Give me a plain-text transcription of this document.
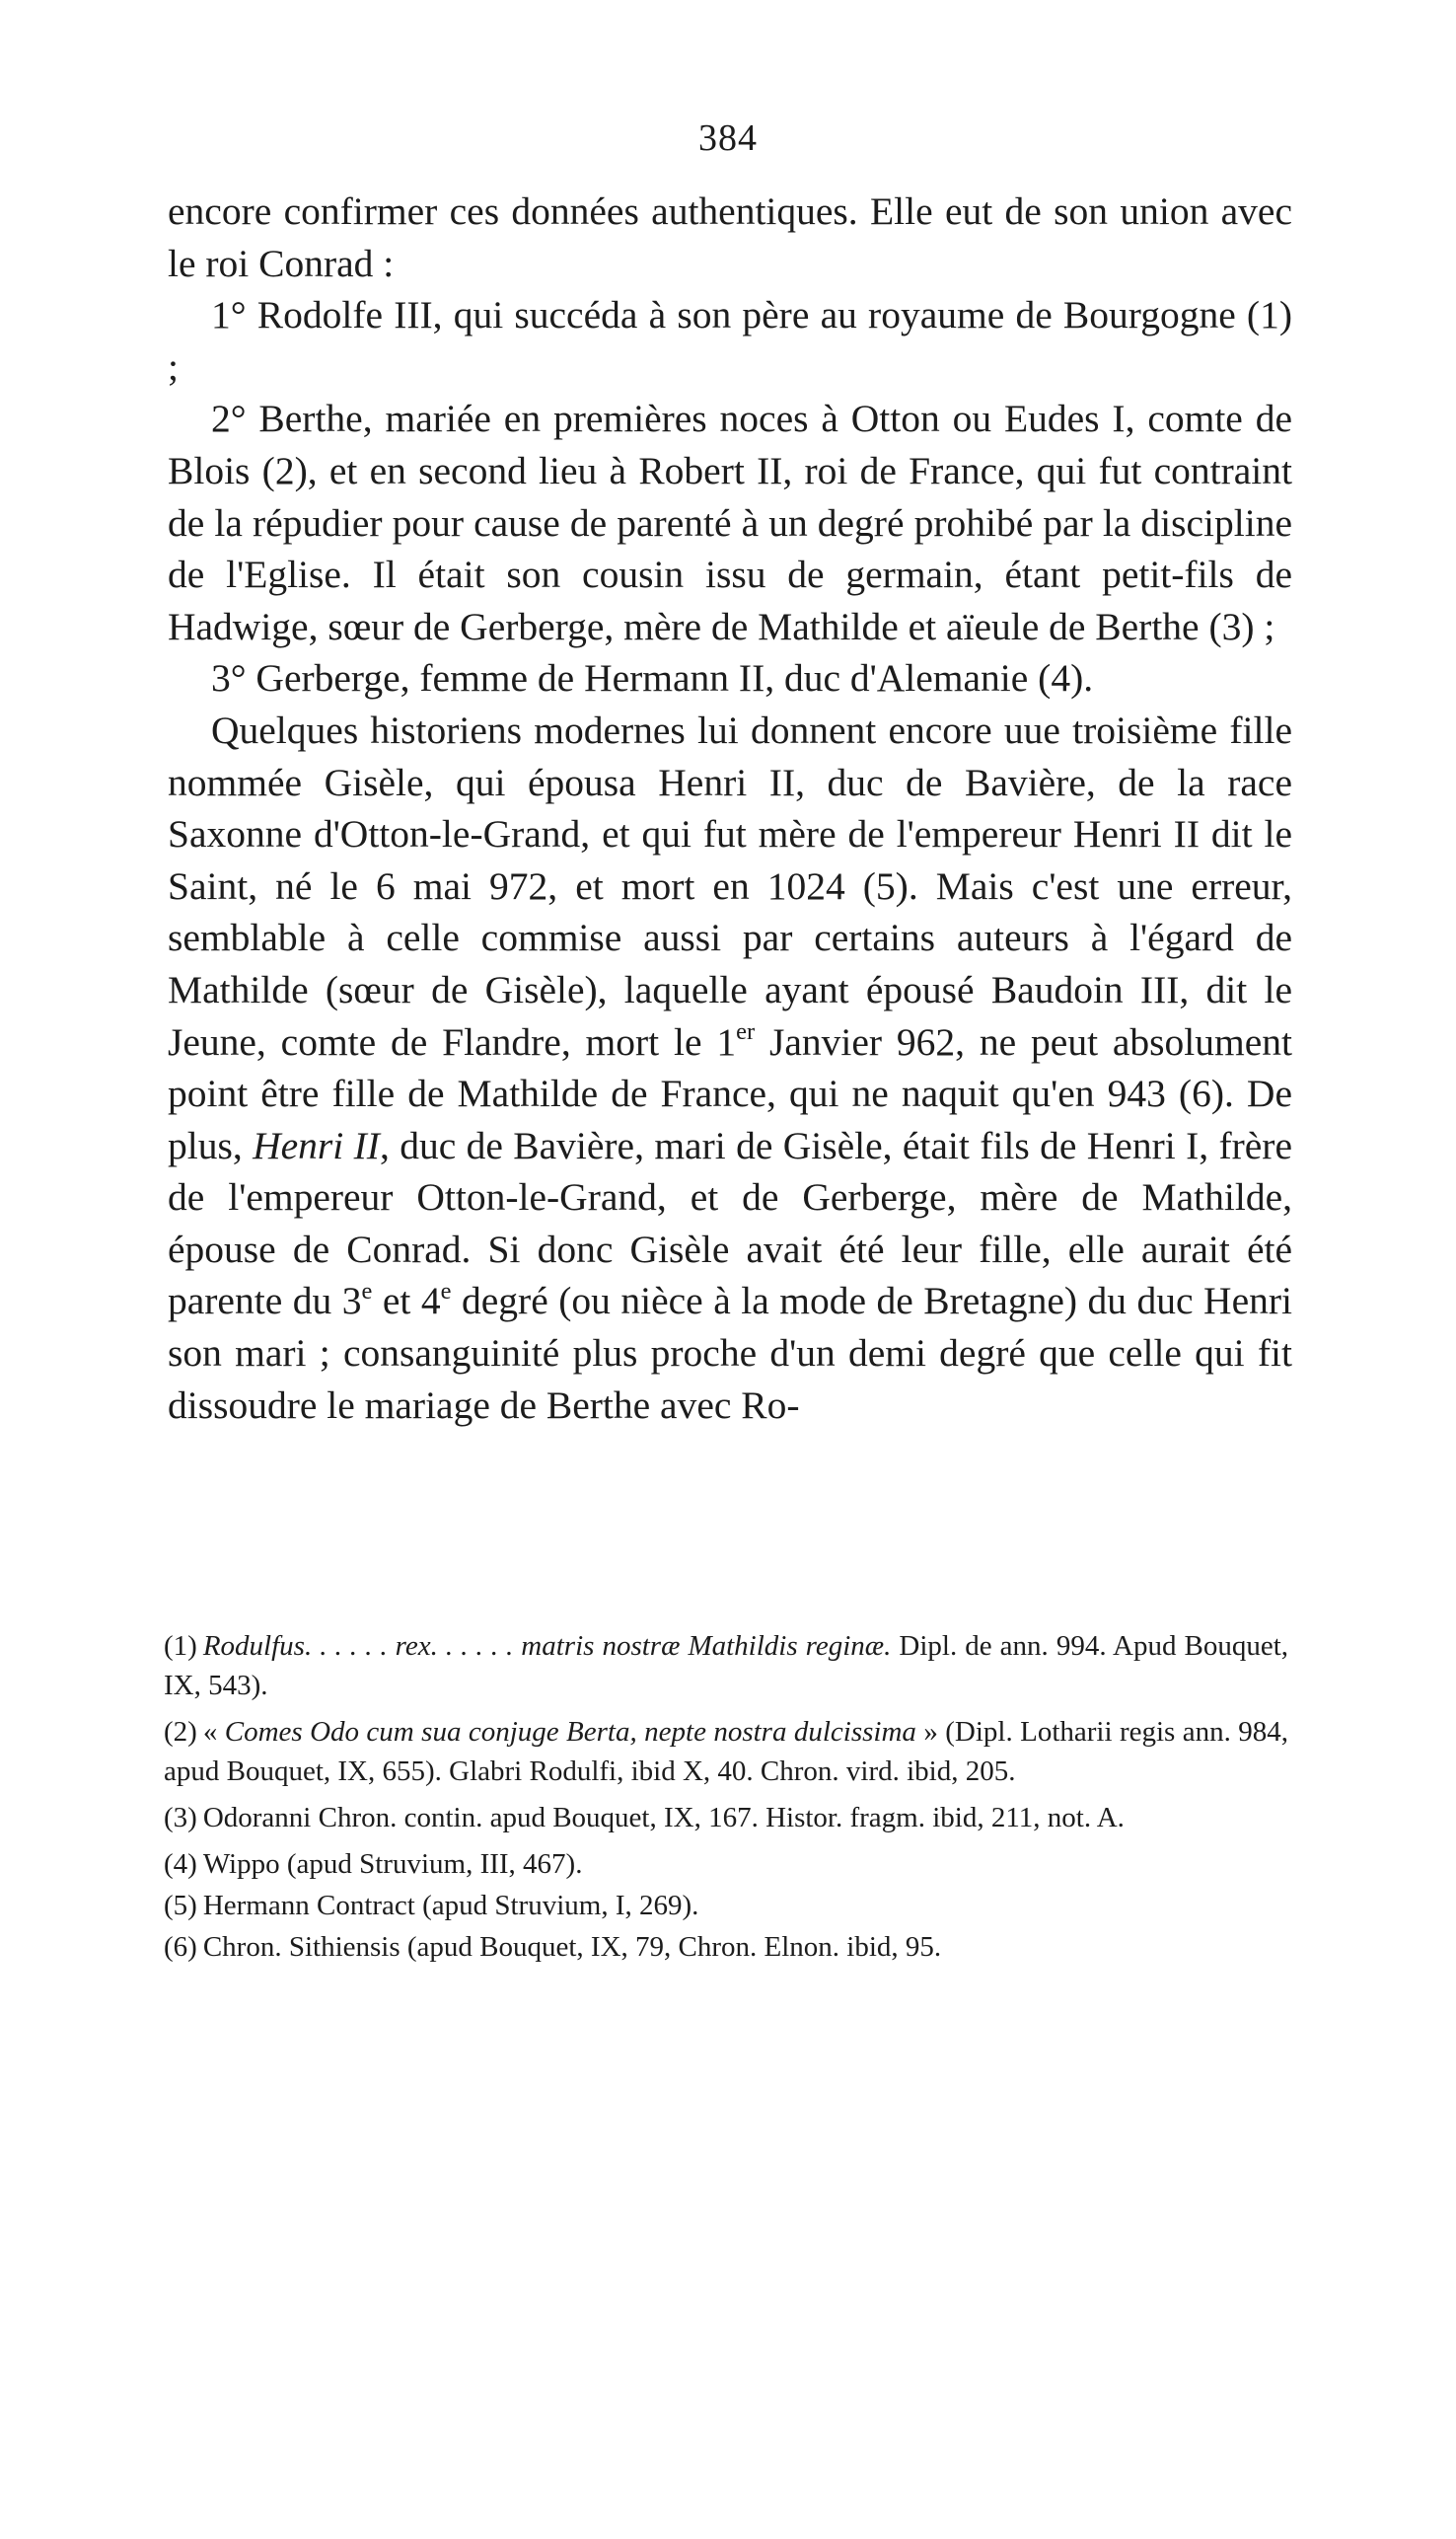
384

encore confirmer ces données authentiques. Elle eut de son union avec le roi Conrad :

1° Rodolfe III, qui succéda à son père au royaume de Bourgogne (1) ;

2° Berthe, mariée en premières noces à Otton ou Eudes I, comte de Blois (2), et en second lieu à Robert II, roi de France, qui fut contraint de la répudier pour cause de parenté à un degré prohibé par la discipline de l'Eglise. Il était son cousin issu de germain, étant petit-fils de Hadwige, sœur de Gerberge, mère de Mathilde et aïeule de Berthe (3) ;

3° Gerberge, femme de Hermann II, duc d'Alemanie (4).

Quelques historiens modernes lui donnent encore uue troisième fille nommée Gisèle, qui épousa Henri II, duc de Bavière, de la race Saxonne d'Otton-le-Grand, et qui fut mère de l'empereur Henri II dit le Saint, né le 6 mai 972, et mort en 1024 (5). Mais c'est une erreur, semblable à celle commise aussi par certains auteurs à l'égard de Mathilde (sœur de Gisèle), laquelle ayant épousé Baudoin III, dit le Jeune, comte de Flandre, mort le 1er Janvier 962, ne peut absolument point être fille de Mathilde de France, qui ne naquit qu'en 943 (6). De plus, Henri II, duc de Bavière, mari de Gisèle, était fils de Henri I, frère de l'empereur Otton-le-Grand, et de Gerberge, mère de Mathilde, épouse de Conrad. Si donc Gisèle avait été leur fille, elle aurait été parente du 3e et 4e degré (ou nièce à la mode de Bretagne) du duc Henri son mari ; consanguinité plus proche d'un demi degré que celle qui fit dissoudre le mariage de Berthe avec Ro-

(1) Rodulfus. . . . . . rex. . . . . . matris nostræ Mathildis reginæ. Dipl. de ann. 994. Apud Bouquet, IX, 543).

(2) « Comes Odo cum sua conjuge Berta, nepte nostra dulcissima » (Dipl. Lotharii regis ann. 984, apud Bouquet, IX, 655). Glabri Rodulfi, ibid X, 40. Chron. vird. ibid, 205.

(3) Odoranni Chron. contin. apud Bouquet, IX, 167. Histor. fragm. ibid, 211, not. A.

(4) Wippo (apud Struvium, III, 467).

(5) Hermann Contract (apud Struvium, I, 269).

(6) Chron. Sithiensis (apud Bouquet, IX, 79, Chron. Elnon. ibid, 95.
